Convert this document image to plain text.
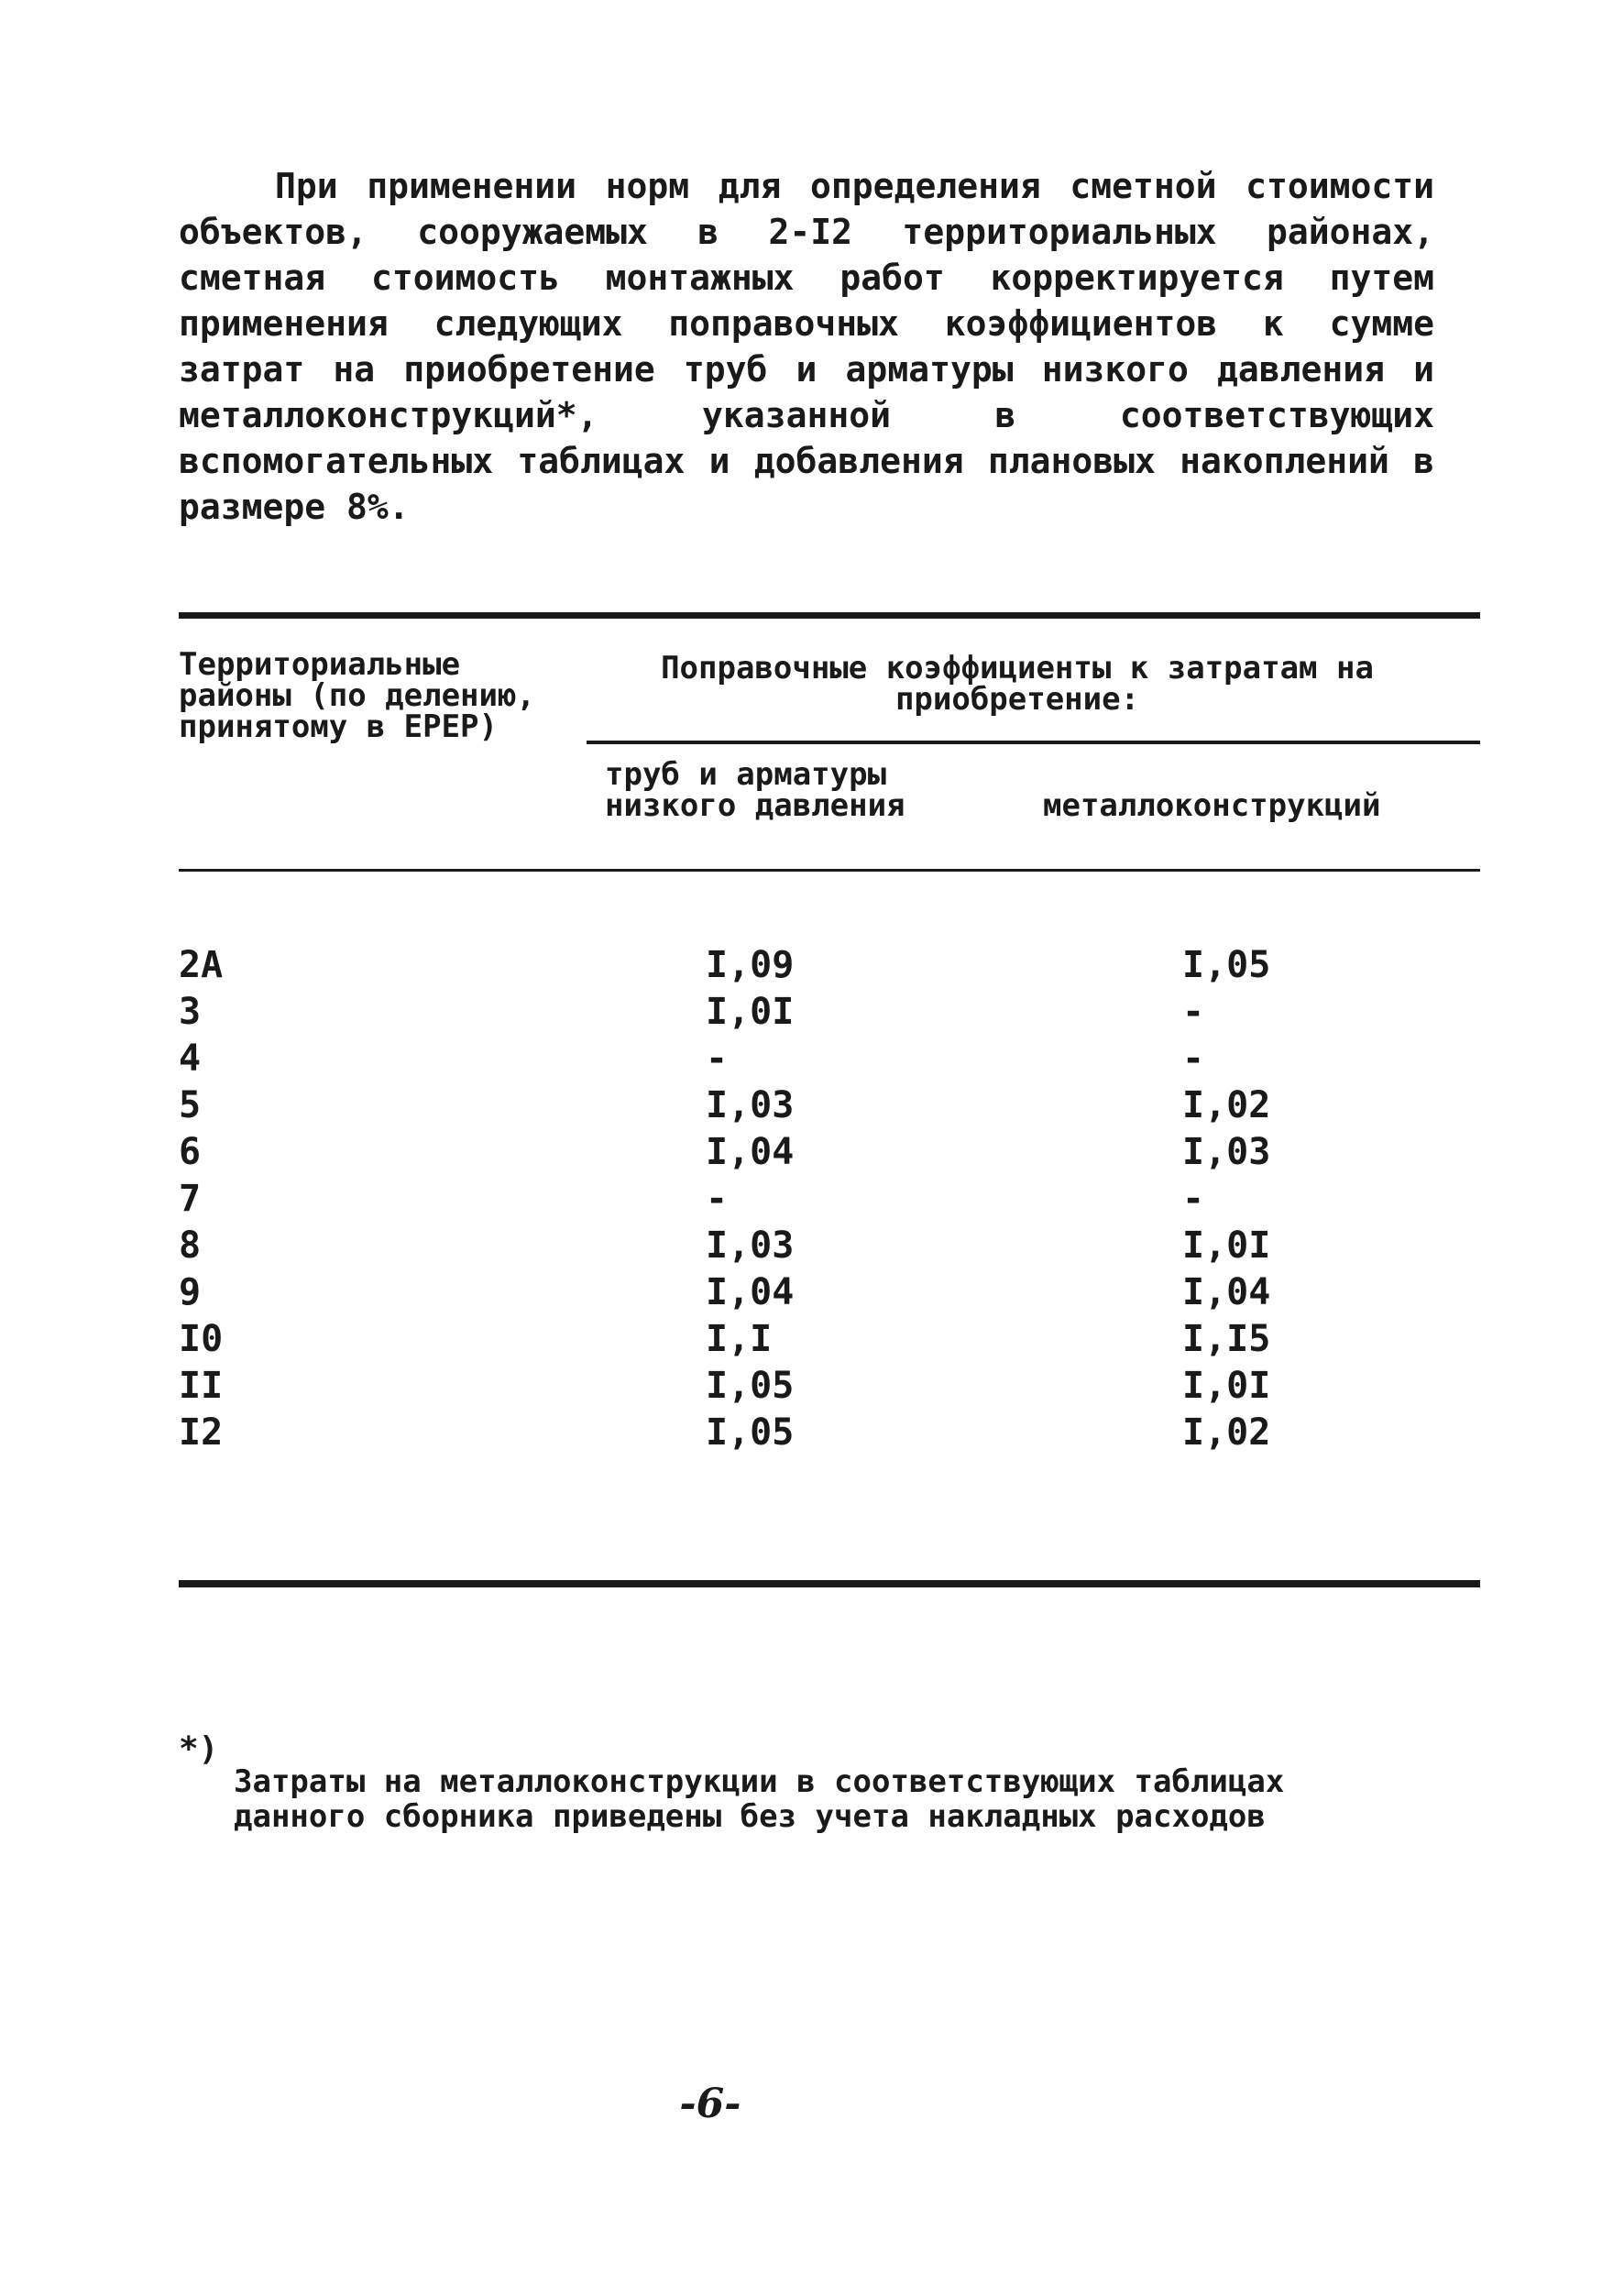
При применении норм для определения сметной стоимости объектов, сооружаемых в 2-I2 территориальных районах, сметная стоимость монтажных работ корректируется путем применения следующих поправочных коэффициентов к сумме затрат на приобретение труб и арматуры низкого давления и металлоконструкций*, указанной в соответствующих вспомогательных таблицах и добавления плановых накоплений в размере 8%.

Территориальные районы (по делению, принятому в ЕРЕР)
Поправочные коэффициенты к затратам на приобретение:
труб и арматуры низкого давления	металлоконструкций
2А	I,09	I,05
3	I,0I	-
4	-	-
5	I,03	I,02
6	I,04	I,03
7	-	-
8	I,03	I,0I
9	I,04	I,04
I0	I,I	I,I5
II	I,05	I,0I
I2	I,05	I,02
*)
Затраты на металлоконструкции в соответствующих таблицах данного сборника приведены без учета накладных расходов
-6-
